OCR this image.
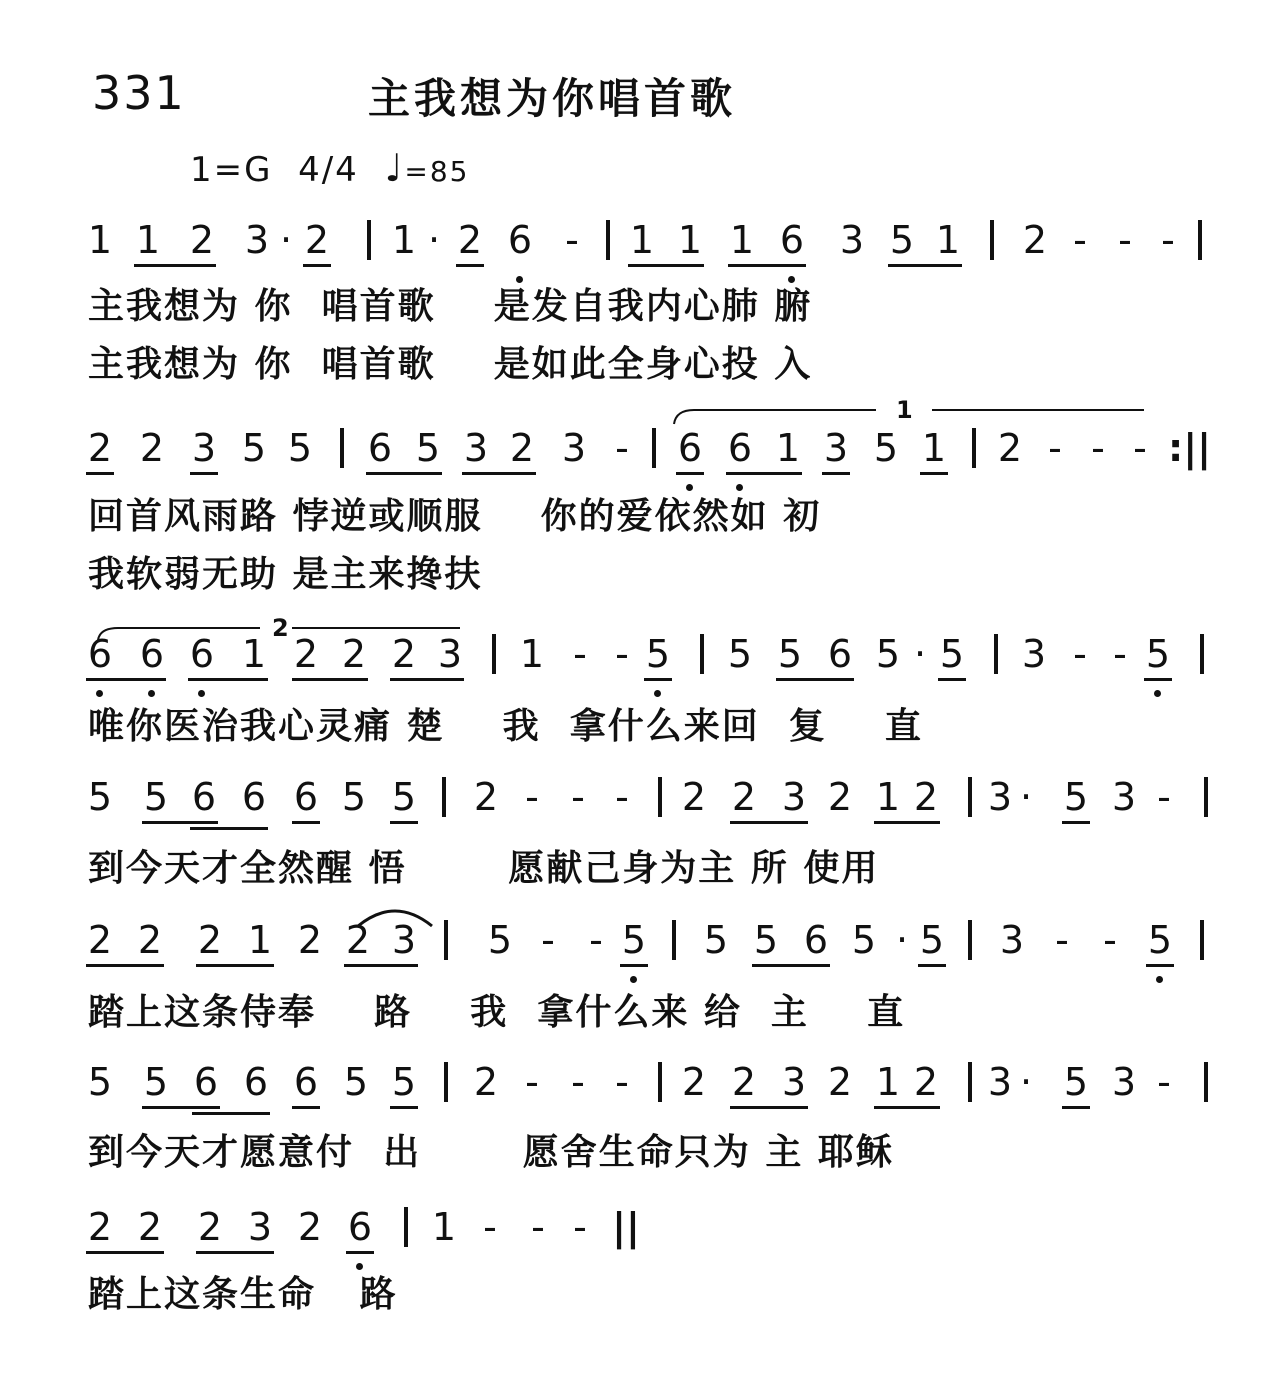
331	主我想为你唱首歌
1=G  4/4 ♩=85
1
2
1 1 2 3 · 2 1 · 2 6 - 1 1 1 6 3 5 1 2 - - -
主我想为 你  唱首歌    是发自我内心肺 腑
主我想为 你  唱首歌    是如此全身心投 入
2 2 3 5 5 6 5 3 2 3 - 6 6 1 3 5 1 2 - - - :||
回首风雨路 悖逆或顺服    你的爱依然如 初
我软弱无助 是主来搀扶
6 6 6 1 2 2 2 3 1 - - 5 5 5 6 5 · 5 3 - - 5
唯你医治我心灵痛 楚    我  拿什么来回  复    直
5 5 6 6 6 5 5 2 - - - 2 2 3 2 1 2 3 · 5 3 -
到今天才全然醒 悟       愿献己身为主 所 使用
2 2 2 1 2 2 3 5 - - 5 5 5 6 5 · 5 3 - - 5
踏上这条侍奉    路    我  拿什么来 给  主    直
5 5 6 6 6 5 5 2 - - - 2 2 3 2 1 2 3 · 5 3 -
到今天才愿意付  出       愿舍生命只为 主 耶稣
2 2 2 3 2 6 1 - - - ||
踏上这条生命   路
